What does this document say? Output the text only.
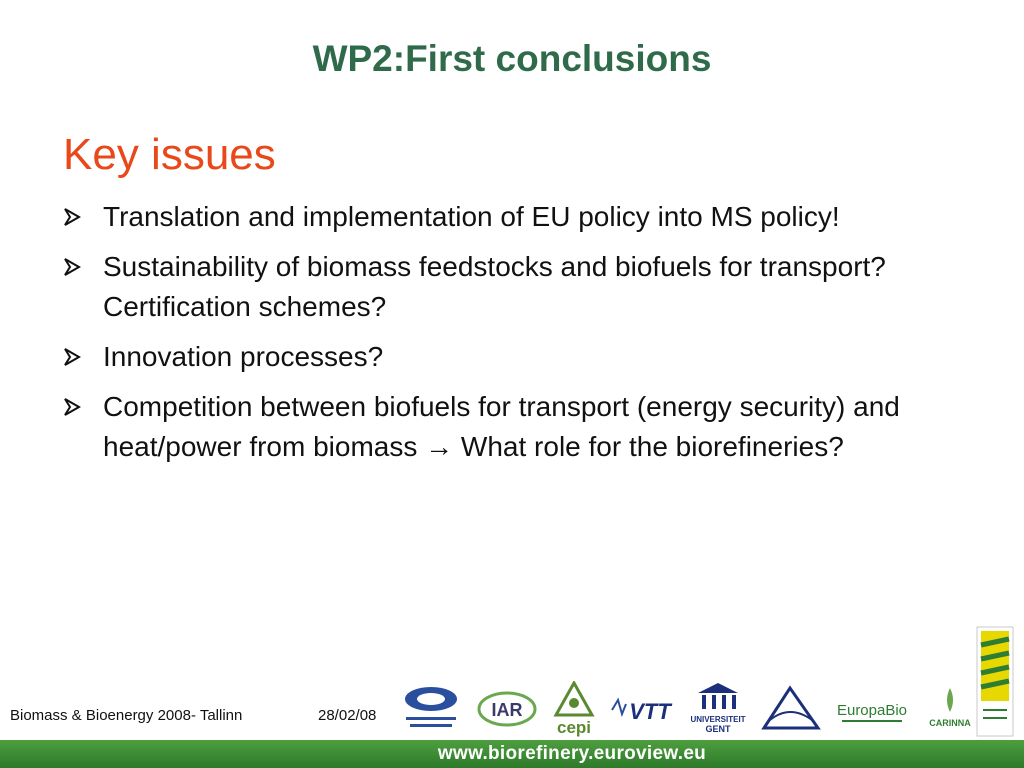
WP2:First conclusions
Key issues
Translation and implementation of EU policy into MS policy!
Sustainability of biomass feedstocks and biofuels for transport? Certification schemes?
Innovation processes?
Competition between biofuels for transport (energy security) and heat/power from biomass → What role for the biorefineries?
Biomass & Bioenergy 2008- Tallinn	28/02/08	IAR
cepi
VTT UNIVERSITEIT
GENT
EuropaBio
CARINNA
www.biorefinery.euroview.eu
